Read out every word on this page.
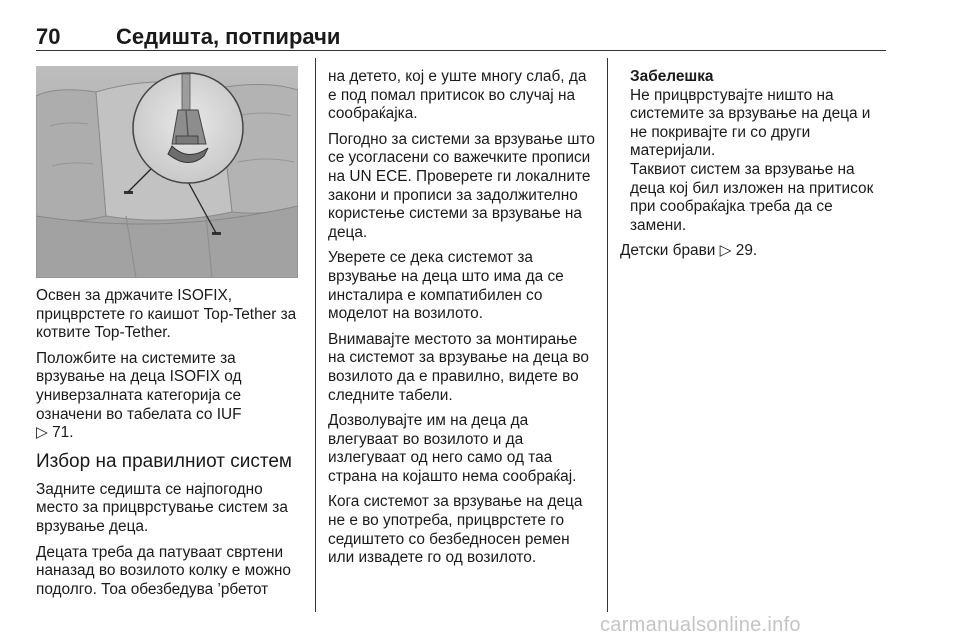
70	Седишта, потпирачи

Освен за држачите ISOFIX, прицврстете го каишот Top-Tether за котвите Top-Tether.

Положбите на системите за врзување на деца ISOFIX од универзалната категорија се означени во табелата со IUF
▷ 71.

Избор на правилниот систем

Задните седишта се најпогодно место за прицврстување систем за врзување деца.

Децата треба да патуваат свртени наназад во возилото колку е можно подолго. Тоа обезбедува ’рбетот

на детето, кој е уште многу слаб, да е под помал притисок во случај на сообраќајка.

Погодно за системи за врзување што се усогласени со важечките прописи на UN ECE. Проверете ги локалните закони и прописи за задолжително користење системи за врзување на деца.

Уверете се дека системот за врзување на деца што има да се инсталира е компатибилен со моделот на возилото.

Внимавајте местото за монтирање на системот за врзување на деца во возилото да е правилно, видете во следните табели.

Дозволувајте им на деца да влегуваат во возилото и да излегуваат од него само од таа страна на којашто нема сообраќај.

Кога системот за врзување на деца не е во употреба, прицврстете го седиштето со безбедносен ремен или извадете го од возилото.

Забелешка
Не прицврстувајте ништо на системите за врзување на деца и не покривајте ги со други материјали.

Таквиот систем за врзување на деца кој бил изложен на притисок при сообраќајка треба да се замени.

Детски брави ▷ 29.

carmanualsonline.info
